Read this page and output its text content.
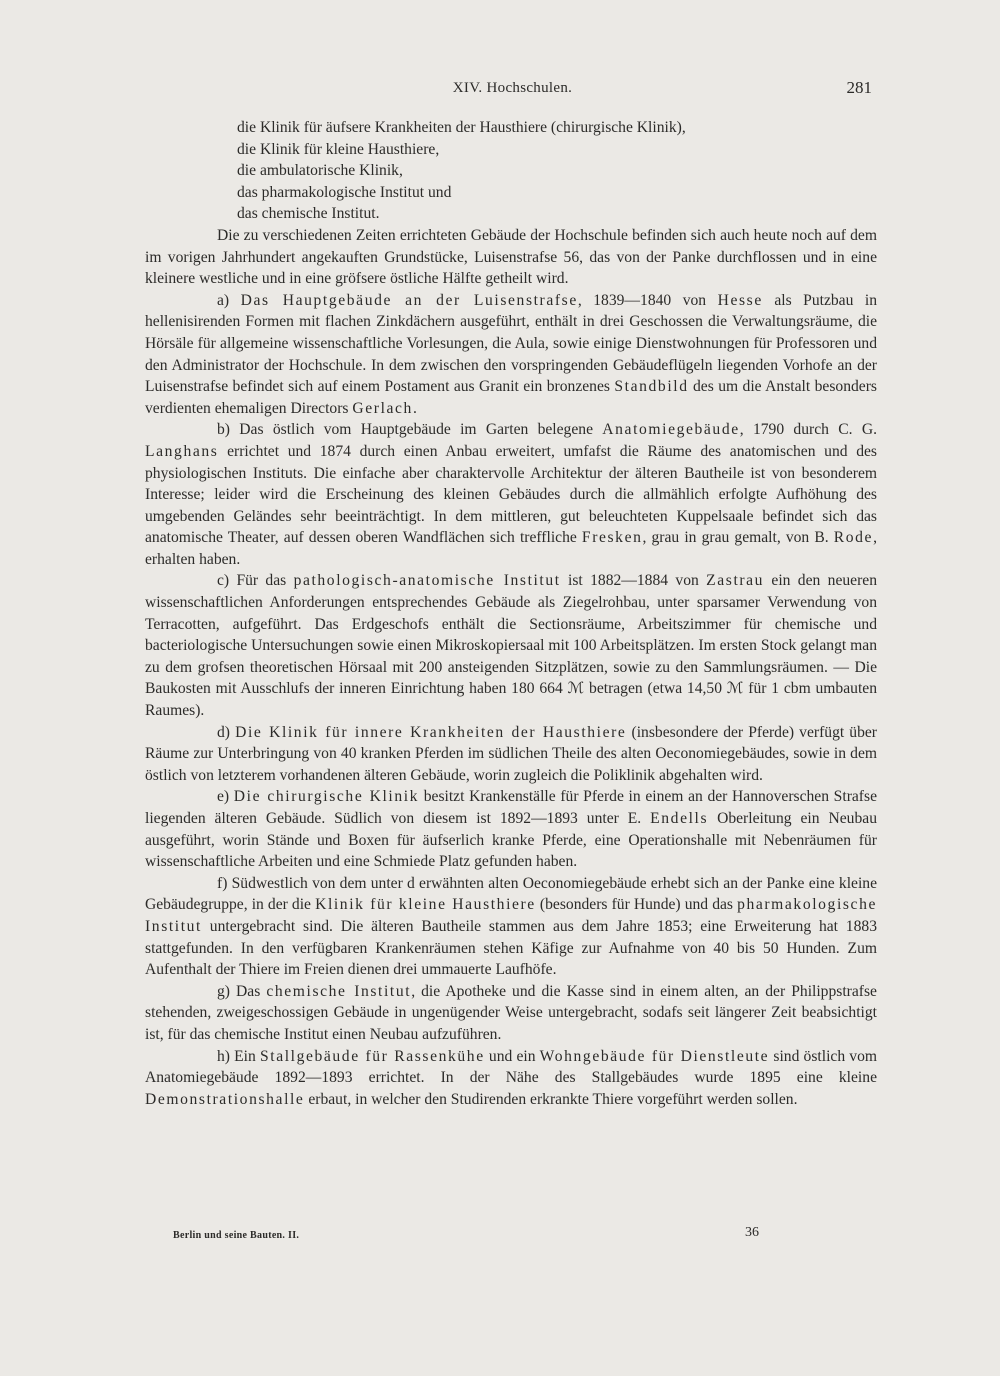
XIV. Hochschulen.	281
die Klinik für äufsere Krankheiten der Hausthiere (chirurgische Klinik),
die Klinik für kleine Hausthiere,
die ambulatorische Klinik,
das pharmakologische Institut und
das chemische Institut.

Die zu verschiedenen Zeiten errichteten Gebäude der Hochschule befinden sich auch heute noch auf dem im vorigen Jahrhundert angekauften Grundstücke, Luisenstrafse 56, das von der Panke durchflossen und in eine kleinere westliche und in eine gröfsere östliche Hälfte getheilt wird.

a) Das Hauptgebäude an der Luisenstrafse, 1839—1840 von Hesse als Putzbau in hellenisirenden Formen mit flachen Zinkdächern ausgeführt, enthält in drei Geschossen die Verwaltungsräume, die Hörsäle für allgemeine wissenschaftliche Vorlesungen, die Aula, sowie einige Dienstwohnungen für Professoren und den Administrator der Hochschule. In dem zwischen den vorspringenden Gebäudeflügeln liegenden Vorhofe an der Luisenstrafse befindet sich auf einem Postament aus Granit ein bronzenes Standbild des um die Anstalt besonders verdienten ehemaligen Directors Gerlach.

b) Das östlich vom Hauptgebäude im Garten belegene Anatomiegebäude, 1790 durch C. G. Langhans errichtet und 1874 durch einen Anbau erweitert, umfafst die Räume des anatomischen und des physiologischen Instituts. Die einfache aber charaktervolle Architektur der älteren Bautheile ist von besonderem Interesse; leider wird die Erscheinung des kleinen Gebäudes durch die allmählich erfolgte Aufhöhung des umgebenden Geländes sehr beeinträchtigt. In dem mittleren, gut beleuchteten Kuppelsaale befindet sich das anatomische Theater, auf dessen oberen Wandflächen sich treffliche Fresken, grau in grau gemalt, von B. Rode, erhalten haben.

c) Für das pathologisch-anatomische Institut ist 1882—1884 von Zastrau ein den neueren wissenschaftlichen Anforderungen entsprechendes Gebäude als Ziegelrohbau, unter sparsamer Verwendung von Terracotten, aufgeführt. Das Erdgeschofs enthält die Sectionsräume, Arbeitszimmer für chemische und bacteriologische Untersuchungen sowie einen Mikroskopiersaal mit 100 Arbeitsplätzen. Im ersten Stock gelangt man zu dem grofsen theoretischen Hörsaal mit 200 ansteigenden Sitzplätzen, sowie zu den Sammlungsräumen. — Die Baukosten mit Ausschlufs der inneren Einrichtung haben 180 664 ℳ betragen (etwa 14,50 ℳ für 1 cbm umbauten Raumes).

d) Die Klinik für innere Krankheiten der Hausthiere (insbesondere der Pferde) verfügt über Räume zur Unterbringung von 40 kranken Pferden im südlichen Theile des alten Oeconomiegebäudes, sowie in dem östlich von letzterem vorhandenen älteren Gebäude, worin zugleich die Poliklinik abgehalten wird.

e) Die chirurgische Klinik besitzt Krankenställe für Pferde in einem an der Hannoverschen Strafse liegenden älteren Gebäude. Südlich von diesem ist 1892—1893 unter E. Endells Oberleitung ein Neubau ausgeführt, worin Stände und Boxen für äufserlich kranke Pferde, eine Operationshalle mit Nebenräumen für wissenschaftliche Arbeiten und eine Schmiede Platz gefunden haben.

f) Südwestlich von dem unter d erwähnten alten Oeconomiegebäude erhebt sich an der Panke eine kleine Gebäudegruppe, in der die Klinik für kleine Hausthiere (besonders für Hunde) und das pharmakologische Institut untergebracht sind. Die älteren Bautheile stammen aus dem Jahre 1853; eine Erweiterung hat 1883 stattgefunden. In den verfügbaren Krankenräumen stehen Käfige zur Aufnahme von 40 bis 50 Hunden. Zum Aufenthalt der Thiere im Freien dienen drei ummauerte Laufhöfe.

g) Das chemische Institut, die Apotheke und die Kasse sind in einem alten, an der Philippstrafse stehenden, zweigeschossigen Gebäude in ungenügender Weise untergebracht, sodafs seit längerer Zeit beabsichtigt ist, für das chemische Institut einen Neubau aufzuführen.

h) Ein Stallgebäude für Rassenkühe und ein Wohngebäude für Dienstleute sind östlich vom Anatomiegebäude 1892—1893 errichtet. In der Nähe des Stallgebäudes wurde 1895 eine kleine Demonstrationshalle erbaut, in welcher den Studirenden erkrankte Thiere vorgeführt werden sollen.

Berlin und seine Bauten. II.	36
